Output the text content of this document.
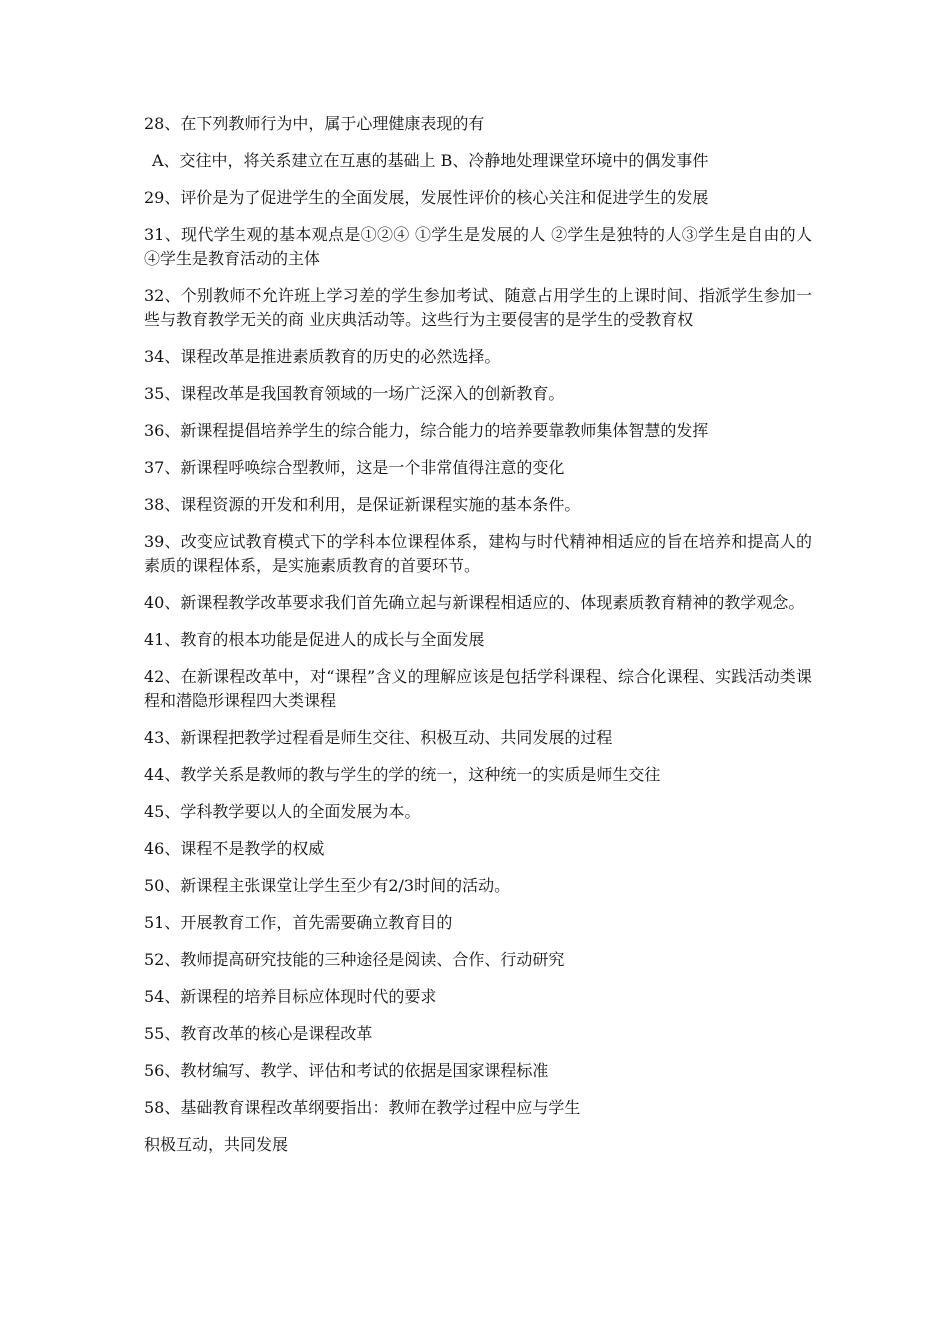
28、在下列教师行为中，属于心理健康表现的有

A、交往中，将关系建立在互惠的基础上 B、冷静地处理课堂环境中的偶发事件

29、评价是为了促进学生的全面发展，发展性评价的核心关注和促进学生的发展

31、现代学生观的基本观点是①②④ ①学生是发展的人 ②学生是独特的人③学生是自由的人 ④学生是教育活动的主体

32、个别教师不允许班上学习差的学生参加考试、随意占用学生的上课时间、指派学生参加一些与教育教学无关的商 业庆典活动等。这些行为主要侵害的是学生的受教育权

34、课程改革是推进素质教育的历史的必然选择。

35、课程改革是我国教育领域的一场广泛深入的创新教育。

36、新课程提倡培养学生的综合能力，综合能力的培养要靠教师集体智慧的发挥

37、新课程呼唤综合型教师，这是一个非常值得注意的变化

38、课程资源的开发和利用，是保证新课程实施的基本条件。

39、改变应试教育模式下的学科本位课程体系，建构与时代精神相适应的旨在培养和提高人的素质的课程体系，是实施素质教育的首要环节。

40、新课程教学改革要求我们首先确立起与新课程相适应的、体现素质教育精神的教学观念。

41、教育的根本功能是促进人的成长与全面发展

42、在新课程改革中，对“课程”含义的理解应该是包括学科课程、综合化课程、实践活动类课程和潜隐形课程四大类课程

43、新课程把教学过程看是师生交往、积极互动、共同发展的过程

44、教学关系是教师的教与学生的学的统一，这种统一的实质是师生交往

45、学科教学要以人的全面发展为本。

46、课程不是教学的权威

50、新课程主张课堂让学生至少有2/3时间的活动。

51、开展教育工作，首先需要确立教育目的

52、教师提高研究技能的三种途径是阅读、合作、行动研究

54、新课程的培养目标应体现时代的要求

55、教育改革的核心是课程改革

56、教材编写、教学、评估和考试的依据是国家课程标准

58、基础教育课程改革纲要指出：教师在教学过程中应与学生

积极互动，共同发展
